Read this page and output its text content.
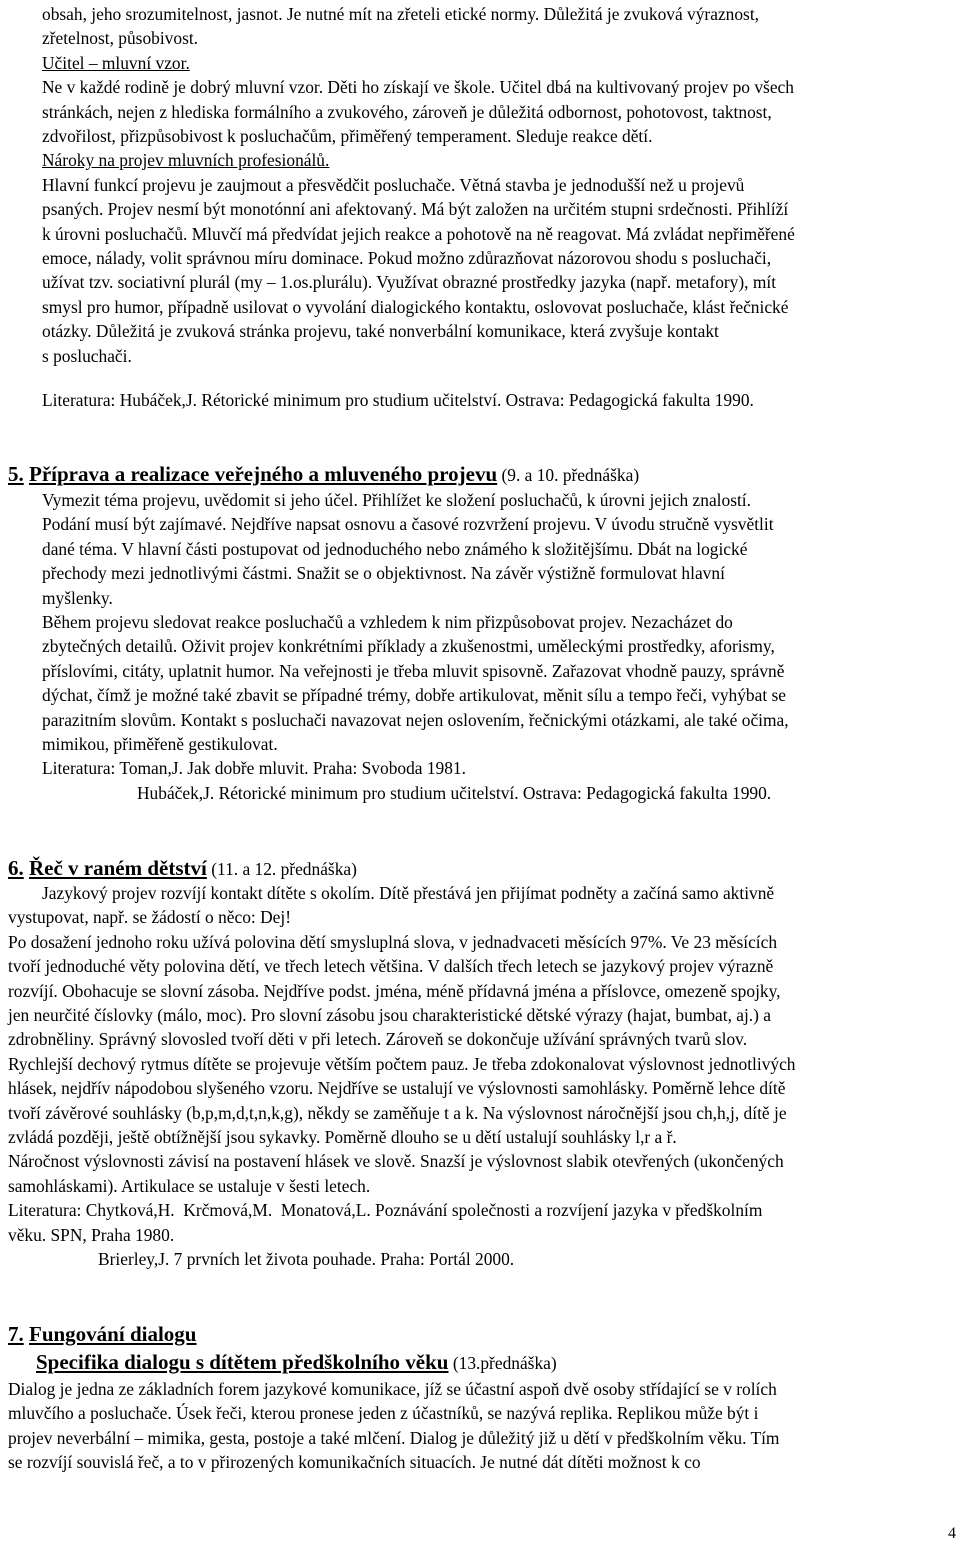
obsah, jeho srozumitelnost, jasnot. Je nutné mít na zřeteli etické normy. Důležitá je zvuková výraznost,
zřetelnost, působivost.
Učitel – mluvní vzor.
Ne v každé rodině je dobrý mluvní vzor. Děti ho získají ve škole. Učitel dbá na kultivovaný projev po všech
stránkách, nejen z hlediska formálního a zvukového, zároveň je důležitá odbornost, pohotovost, taktnost,
zdvořilost, přizpůsobivost k posluchačům, přiměřený temperament. Sleduje reakce dětí.
Nároky na projev mluvních profesionálů.
Hlavní funkcí projevu je zaujmout a přesvědčit posluchače. Větná stavba je jednodušší než u projevů
psaných. Projev nesmí být monotónní ani afektovaný. Má být založen na určitém stupni srdečnosti. Přihlíží
k úrovni posluchačů. Mluvčí má předvídat jejich reakce a pohotově na ně reagovat. Má zvládat nepřiměřené
emoce, nálady, volit správnou míru dominace. Pokud možno zdůrazňovat názorovou shodu s posluchači,
užívat tzv. sociativní plurál (my – 1.os.plurálu). Využívat obrazné prostředky jazyka (např. metafory), mít
smysl pro humor, případně usilovat o vyvolání dialogického kontaktu, oslovovat posluchače, klást řečnické
otázky. Důležitá je zvuková stránka projevu, také nonverbální komunikace, která zvyšuje kontakt
s posluchači.
Literatura: Hubáček,J. Rétorické minimum pro studium učitelství. Ostrava: Pedagogická fakulta 1990.
5. Příprava a realizace veřejného a mluveného projevu (9. a 10. přednáška)
Vymezit téma projevu, uvědomit si jeho účel. Přihlížet ke složení posluchačů, k úrovni jejich znalostí.
Podání musí být zajímavé. Nejdříve napsat osnovu a časové rozvržení projevu. V úvodu stručně vysvětlit
dané téma. V hlavní části postupovat od jednoduchého nebo známého k složitějšímu. Dbát na logické
přechody mezi jednotlivými částmi. Snažit se o objektivnost. Na závěr výstižně formulovat hlavní
myšlenky.
Během projevu sledovat reakce posluchačů a vzhledem k nim přizpůsobovat projev. Nezacházet do
zbytečných detailů. Oživit projev konkrétními příklady a zkušenostmi, uměleckými prostředky, aforismy,
příslovími, citáty, uplatnit humor. Na veřejnosti je třeba mluvit spisovně. Zařazovat vhodně pauzy, správně
dýchat, čímž je možné také zbavit se případné trémy, dobře artikulovat, měnit sílu a tempo řeči, vyhýbat se
parazitním slovům. Kontakt s posluchači navazovat nejen oslovením, řečnickými otázkami, ale také očima,
mimikou, přiměřeně gestikulovat.
Literatura: Toman,J. Jak dobře mluvit. Praha: Svoboda 1981.
Hubáček,J. Rétorické minimum pro studium učitelství. Ostrava: Pedagogická fakulta 1990.
6. Řeč v raném dětství (11. a 12. přednáška)
Jazykový projev rozvíjí kontakt dítěte s okolím. Dítě přestává jen přijímat podněty a začíná samo aktivně
vystupovat, např. se žádostí o něco: Dej!
Po dosažení jednoho roku užívá polovina dětí smysluplná slova, v jednadvaceti měsících 97%. Ve 23 měsících
tvoří jednoduché věty polovina dětí, ve třech letech většina. V dalších třech letech se jazykový projev výrazně
rozvíjí. Obohacuje se slovní zásoba. Nejdříve podst. jména, méně přídavná jména a příslovce, omezeně spojky,
jen neurčité číslovky (málo, moc). Pro slovní zásobu jsou charakteristické dětské výrazy (hajat, bumbat, aj.) a
zdrobněliny. Správný slovosled tvoří děti v při letech. Zároveň se dokončuje užívání správných tvarů slov.
Rychlejší dechový rytmus dítěte se projevuje větším počtem pauz. Je třeba zdokonalovat výslovnost jednotlivých
hlásek, nejdřív nápodobou slyšeného vzoru. Nejdříve se ustalují ve výslovnosti samohlásky. Poměrně lehce dítě
tvoří závěrové souhlásky (b,p,m,d,t,n,k,g), někdy se zaměňuje t a k. Na výslovnost náročnější jsou ch,h,j, dítě je
zvládá později, ještě obtížnější jsou sykavky. Poměrně dlouho se u dětí ustalují souhlásky l,r a ř.
Náročnost výslovnosti závisí na postavení hlásek ve slově. Snazší je výslovnost slabik otevřených (ukončených
samohláskami). Artikulace se ustaluje v šesti letech.
Literatura: Chytková,H.  Krčmová,M.  Monatová,L. Poznávání společnosti a rozvíjení jazyka v předškolním
věku. SPN, Praha 1980.
Brierley,J. 7 prvních let života pouhade. Praha: Portál 2000.
7. Fungování dialogu
Specifika dialogu s dítětem předškolního věku (13.přednáška)
Dialog je jedna ze základních forem jazykové komunikace, jíž se účastní aspoň dvě osoby střídající se v rolích
mluvčího a posluchače. Úsek řeči, kterou pronese jeden z účastníků, se nazývá replika. Replikou může být i
projev neverbální – mimika, gesta, postoje a také mlčení. Dialog je důležitý již u dětí v předškolním věku. Tím
se rozvíjí souvislá řeč, a to v přirozených komunikačních situacích. Je nutné dát dítěti možnost k co
4
